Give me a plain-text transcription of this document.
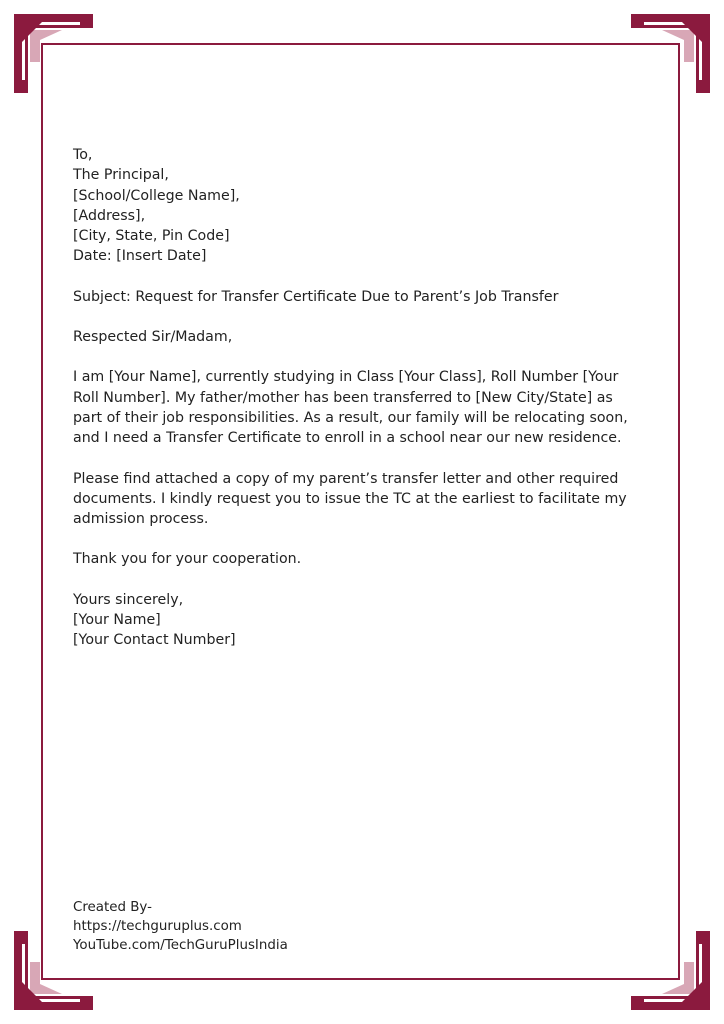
To,

The Principal,

[School/College Name],

[Address],

[City, State, Pin Code]

Date: [Insert Date]

Subject: Request for Transfer Certificate Due to Parent’s Job Transfer

Respected Sir/Madam,

I am [Your Name], currently studying in Class [Your Class], Roll Number [Your

Roll Number]. My father/mother has been transferred to [New City/State] as

part of their job responsibilities. As a result, our family will be relocating soon,

and I need a Transfer Certificate to enroll in a school near our new residence.

Please find attached a copy of my parent’s transfer letter and other required

documents. I kindly request you to issue the TC at the earliest to facilitate my

admission process.

Thank you for your cooperation.

Yours sincerely,

[Your Name]

[Your Contact Number]

Created By-

https://techguruplus.com

YouTube.com/TechGuruPlusIndia
